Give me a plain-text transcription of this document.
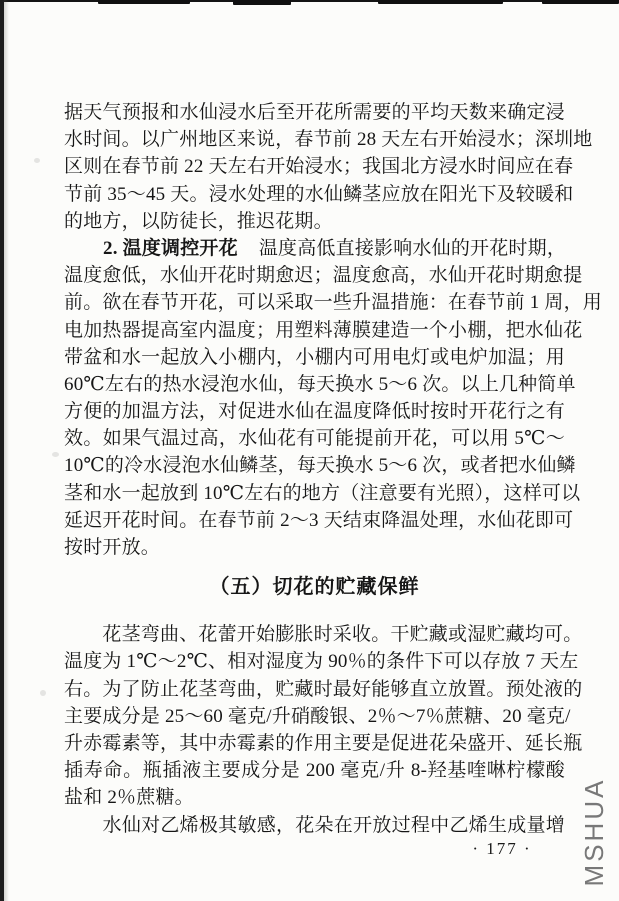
据天气预报和水仙浸水后至开花所需要的平均天数来确定浸
水时间。以广州地区来说，春节前 28 天左右开始浸水；深圳地
区则在春节前 22 天左右开始浸水；我国北方浸水时间应在春
节前 35～45 天。浸水处理的水仙鳞茎应放在阳光下及较暖和
的地方，以防徒长，推迟花期。
2. 温度调控开花 温度高低直接影响水仙的开花时期，
温度愈低，水仙开花时期愈迟；温度愈高，水仙开花时期愈提
前。欲在春节开花，可以采取一些升温措施：在春节前 1 周，用
电加热器提高室内温度；用塑料薄膜建造一个小棚，把水仙花
带盆和水一起放入小棚内，小棚内可用电灯或电炉加温；用
60℃左右的热水浸泡水仙，每天换水 5～6 次。以上几种简单
方便的加温方法，对促进水仙在温度降低时按时开花行之有
效。如果气温过高，水仙花有可能提前开花，可以用 5℃～
10℃的冷水浸泡水仙鳞茎，每天换水 5～6 次，或者把水仙鳞
茎和水一起放到 10℃左右的地方（注意要有光照），这样可以
延迟开花时间。在春节前 2～3 天结束降温处理，水仙花即可
按时开放。
（五）切花的贮藏保鲜
　　花茎弯曲、花蕾开始膨胀时采收。干贮藏或湿贮藏均可。
温度为 1℃～2℃、相对湿度为 90％的条件下可以存放 7 天左
右。为了防止花茎弯曲，贮藏时最好能够直立放置。预处液的
主要成分是 25～60 毫克/升硝酸银、2％～7％蔗糖、20 毫克/
升赤霉素等，其中赤霉素的作用主要是促进花朵盛开、延长瓶
插寿命。瓶插液主要成分是 200 毫克/升 8-羟基喹啉柠檬酸
盐和 2％蔗糖。
　　水仙对乙烯极其敏感，花朵在开放过程中乙烯生成量增
· 177 ·	MSHUA
